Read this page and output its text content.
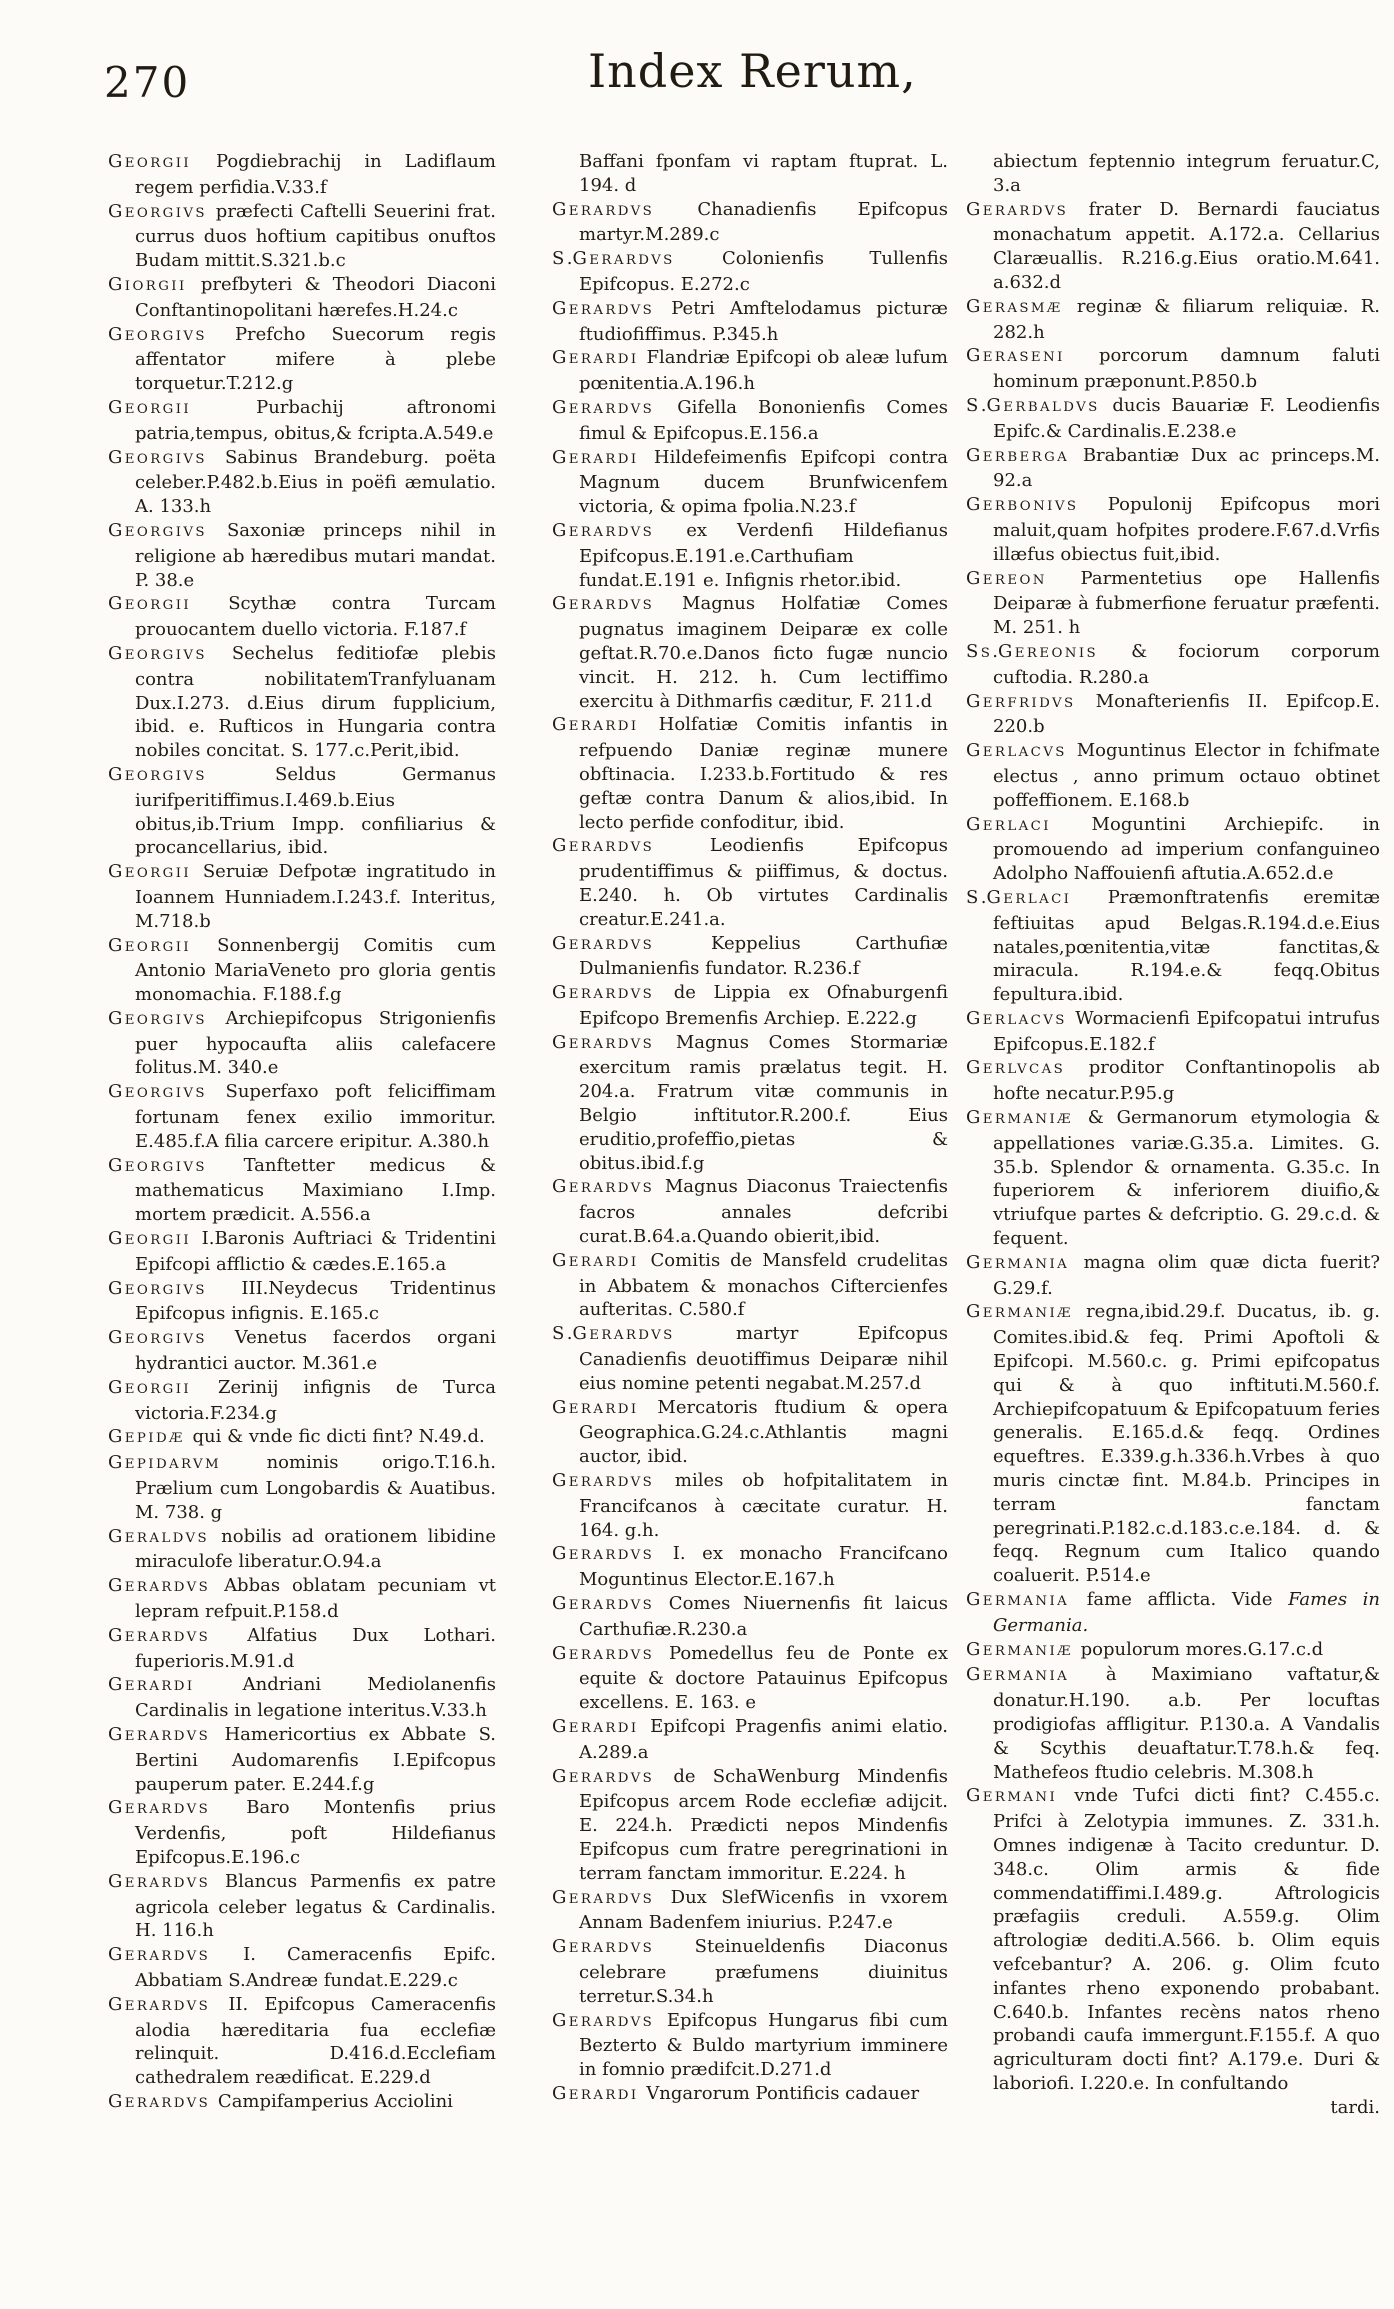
270	Index Rerum,

GEORGII Pogdiebrachij in Ladiflaum regem perfidia.V.33.f

GEORGIVS præfecti Caftelli Seuerini frat. currus duos hoftium capitibus onuftos Budam mittit.S.321.b.c

GIORGII prefbyteri & Theodori Diaconi Conftantinopolitani hærefes.H.24.c

GEORGIVS Prefcho Suecorum regis affentator mifere à plebe torquetur.T.212.g

GEORGII	Purbachij aftronomi patria,tempus, obitus,& fcripta.A.549.e

GEORGIVS Sabinus Brandeburg. poëta celeber.P.482.b.Eius in poëfi æmulatio. A. 133.h

GEORGIVS Saxoniæ princeps nihil in religione ab hæredibus mutari mandat. P. 38.e

GEORGII Scythæ contra Turcam prouocantem duello victoria. F.187.f

GEORGIVS Sechelus feditiofæ plebis contra nobilitatemTranfyluanam Dux.I.273. d.Eius dirum fupplicium, ibid. e. Rufticos in Hungaria contra nobiles concitat. S. 177.c.Perit,ibid.

GEORGIVS	Seldus Germanus iurifperitiffimus.I.469.b.Eius obitus,ib.Trium Impp. confiliarius & procancellarius, ibid.

GEORGII Seruiæ Defpotæ ingratitudo in Ioannem Hunniadem.I.243.f. Interitus, M.718.b

GEORGII Sonnenbergij Comitis cum Antonio MariaVeneto pro gloria gentis monomachia. F.188.f.g

GEORGIVS Archiepifcopus Strigonienfis puer hypocaufta aliis calefacere folitus.M. 340.e

GEORGIVS Superfaxo poft feliciffimam fortunam fenex exilio immoritur. E.485.f.A filia carcere eripitur. A.380.h

GEORGIVS Tanftetter medicus & mathematicus Maximiano I.Imp. mortem prædicit. A.556.a

GEORGII I.Baronis Auftriaci & Tridentini Epifcopi afflictio & cædes.E.165.a

GEORGIVS III.Neydecus Tridentinus Epifcopus infignis. E.165.c

GEORGIVS Venetus facerdos organi hydrantici auctor. M.361.e

GEORGII Zerinij infignis de Turca victoria.F.234.g

GEPIDÆ qui & vnde fic dicti fint? N.49.d.

GEPIDARVM	nominis origo.T.16.h. Prælium cum Longobardis & Auatibus. M. 738. g

GERALDVS nobilis ad orationem libidine miraculofe liberatur.O.94.a

GERARDVS Abbas oblatam pecuniam vt lepram refpuit.P.158.d

GERARDVS Alfatius Dux Lothari. fuperioris.M.91.d

GERARDI	Andriani Mediolanenfis Cardinalis in legatione interitus.V.33.h

GERARDVS Hamericortius ex Abbate S. Bertini Audomarenfis I.Epifcopus pauperum pater. E.244.f.g

GERARDVS Baro Montenfis prius Verdenfis, poft Hildefianus Epifcopus.E.196.c

GERARDVS Blancus Parmenfis ex patre agricola celeber legatus & Cardinalis. H. 116.h

GERARDVS I. Cameracenfis Epifc. Abbatiam S.Andreæ fundat.E.229.c

GERARDVS II. Epifcopus Cameracenfis alodia hæreditaria fua ecclefiæ relinquit. D.416.d.Ecclefiam cathedralem reædificat. E.229.d

GERARDVS Campifamperius Acciolini

Baffani fponfam vi raptam ftuprat. L. 194. d

GERARDVS Chanadienfis Epifcopus martyr.M.289.c

S.GERARDVS	Colonienfis Tullenfis Epifcopus. E.272.c

GERARDVS Petri Amftelodamus picturæ ftudiofiffimus. P.345.h

GERARDI Flandriæ Epifcopi ob aleæ lufum pœnitentia.A.196.h

GERARDVS Gifella Bononienfis Comes fimul & Epifcopus.E.156.a

GERARDI Hildefeimenfis Epifcopi contra Magnum ducem Brunfwicenfem victoria, & opima fpolia.N.23.f

GERARDVS ex Verdenfi Hildefianus Epifcopus.E.191.e.Carthufiam fundat.E.191 e. Infignis rhetor.ibid.

GERARDVS Magnus Holfatiæ Comes pugnatus imaginem Deiparæ ex colle geftat.R.70.e.Danos ficto fugæ nuncio vincit. H. 212. h. Cum lectiffimo exercitu à Dithmarfis cæditur, F. 211.d

GERARDI Holfatiæ Comitis infantis in refpuendo Daniæ reginæ munere obftinacia. I.233.b.Fortitudo & res geftæ contra Danum & alios,ibid. In lecto perfide confoditur, ibid.

GERARDVS	Leodienfis Epifcopus prudentiffimus & piiffimus, & doctus. E.240. h. Ob virtutes Cardinalis creatur.E.241.a.

GERARDVS	Keppelius Carthufiæ Dulmanienfis fundator. R.236.f

GERARDVS de Lippia ex Ofnaburgenfi Epifcopo Bremenfis Archiep. E.222.g

GERARDVS Magnus Comes Stormariæ exercitum ramis prælatus tegit. H. 204.a. Fratrum vitæ communis in Belgio inftitutor.R.200.f. Eius eruditio,profeffio,pietas & obitus.ibid.f.g

GERARDVS Magnus Diaconus Traiectenfis facros annales defcribi curat.B.64.a.Quando obierit,ibid.

GERARDI Comitis de Mansfeld crudelitas in Abbatem & monachos Ciftercienfes aufteritas. C.580.f

S.GERARDVS	martyr Epifcopus Canadienfis deuotiffimus Deiparæ nihil eius nomine petenti negabat.M.257.d

GERARDI Mercatoris ftudium & opera Geographica.G.24.c.Athlantis magni auctor, ibid.

GERARDVS miles ob hofpitalitatem in Francifcanos à cæcitate curatur. H. 164. g.h.

GERARDVS I. ex monacho Francifcano Moguntinus Elector.E.167.h

GERARDVS Comes Niuernenfis fit laicus Carthufiæ.R.230.a

GERARDVS Pomedellus feu de Ponte ex equite & doctore Patauinus Epifcopus excellens. E. 163. e

GERARDI Epifcopi Pragenfis animi elatio. A.289.a

GERARDVS de SchaWenburg Mindenfis Epifcopus arcem Rode ecclefiæ adijcit. E. 224.h. Prædicti nepos Mindenfis Epifcopus cum fratre peregrinationi in terram fanctam immoritur. E.224. h

GERARDVS Dux SlefWicenfis in vxorem Annam Badenfem iniurius. P.247.e

GERARDVS Steinueldenfis Diaconus celebrare præfumens diuinitus terretur.S.34.h

GERARDVS Epifcopus Hungarus fibi cum Bezterto & Buldo martyrium imminere in fomnio prædifcit.D.271.d

GERARDI Vngarorum Pontificis cadauer

abiectum feptennio integrum feruatur.C, 3.a

GERARDVS frater D. Bernardi fauciatus monachatum appetit. A.172.a. Cellarius Claræuallis. R.216.g.Eius oratio.M.641. a.632.d

GERASMÆ reginæ & filiarum reliquiæ. R. 282.h

GERASENI porcorum damnum faluti hominum præponunt.P.850.b

S.GERBALDVS ducis Bauariæ F. Leodienfis Epifc.& Cardinalis.E.238.e

GERBERGA Brabantiæ Dux ac princeps.M. 92.a

GERBONIVS Populonij Epifcopus mori maluit,quam hofpites prodere.F.67.d.Vrfis illæfus obiectus fuit,ibid.

GEREON Parmentetius ope Hallenfis Deiparæ à fubmerfione feruatur præfenti. M. 251. h

SS.GEREONIS & fociorum corporum cuftodia. R.280.a

GERFRIDVS Monafterienfis II. Epifcop.E. 220.b

GERLACVS Moguntinus Elector in fchifmate electus , anno primum octauo obtinet poffeffionem. E.168.b

GERLACI Moguntini Archiepifc. in promouendo ad imperium confanguineo Adolpho Naffouienfi aftutia.A.652.d.e

S.GERLACI Præmonftratenfis eremitæ feftiuitas apud Belgas.R.194.d.e.Eius natales,pœnitentia,vitæ fanctitas,& miracula. R.194.e.& feqq.Obitus fepultura.ibid.

GERLACVS Wormacienfi Epifcopatui intrufus Epifcopus.E.182.f

GERLVCAS proditor Conftantinopolis ab hofte necatur.P.95.g

GERMANIÆ & Germanorum etymologia & appellationes variæ.G.35.a. Limites. G. 35.b. Splendor & ornamenta. G.35.c. In fuperiorem & inferiorem diuifio,& vtriufque partes & defcriptio. G. 29.c.d. & fequent.

GERMANIA magna olim quæ dicta fuerit? G.29.f.

GERMANIÆ regna,ibid.29.f. Ducatus, ib. g. Comites.ibid.& feq. Primi Apoftoli & Epifcopi. M.560.c. g. Primi epifcopatus qui & à quo inftituti.M.560.f. Archiepifcopatuum & Epifcopatuum feries generalis. E.165.d.& feqq. Ordines equeftres. E.339.g.h.336.h.Vrbes à quo muris cinctæ fint. M.84.b. Principes in terram fanctam peregrinati.P.182.c.d.183.c.e.184. d. & feqq. Regnum cum Italico quando coaluerit. P.514.e

GERMANIA fame afflicta. Vide Fames in Germania.

GERMANIÆ populorum mores.G.17.c.d

GERMANIA à Maximiano vaftatur,& donatur.H.190. a.b. Per locuftas prodigiofas affligitur. P.130.a. A Vandalis & Scythis deuaftatur.T.78.h.& feq. Mathefeos ftudio celebris. M.308.h

GERMANI vnde Tufci dicti fint? C.455.c. Prifci à Zelotypia immunes. Z. 331.h. Omnes indigenæ à Tacito creduntur. D. 348.c. Olim armis & fide commendatiffimi.I.489.g. Aftrologicis præfagiis creduli. A.559.g. Olim aftrologiæ dediti.A.566. b. Olim equis vefcebantur? A. 206. g. Olim fcuto infantes rheno exponendo probabant. C.640.b. Infantes recèns natos rheno probandi caufa immergunt.F.155.f. A quo agriculturam docti fint? A.179.e. Duri & laboriofi. I.220.e. In confultando
tardi.
